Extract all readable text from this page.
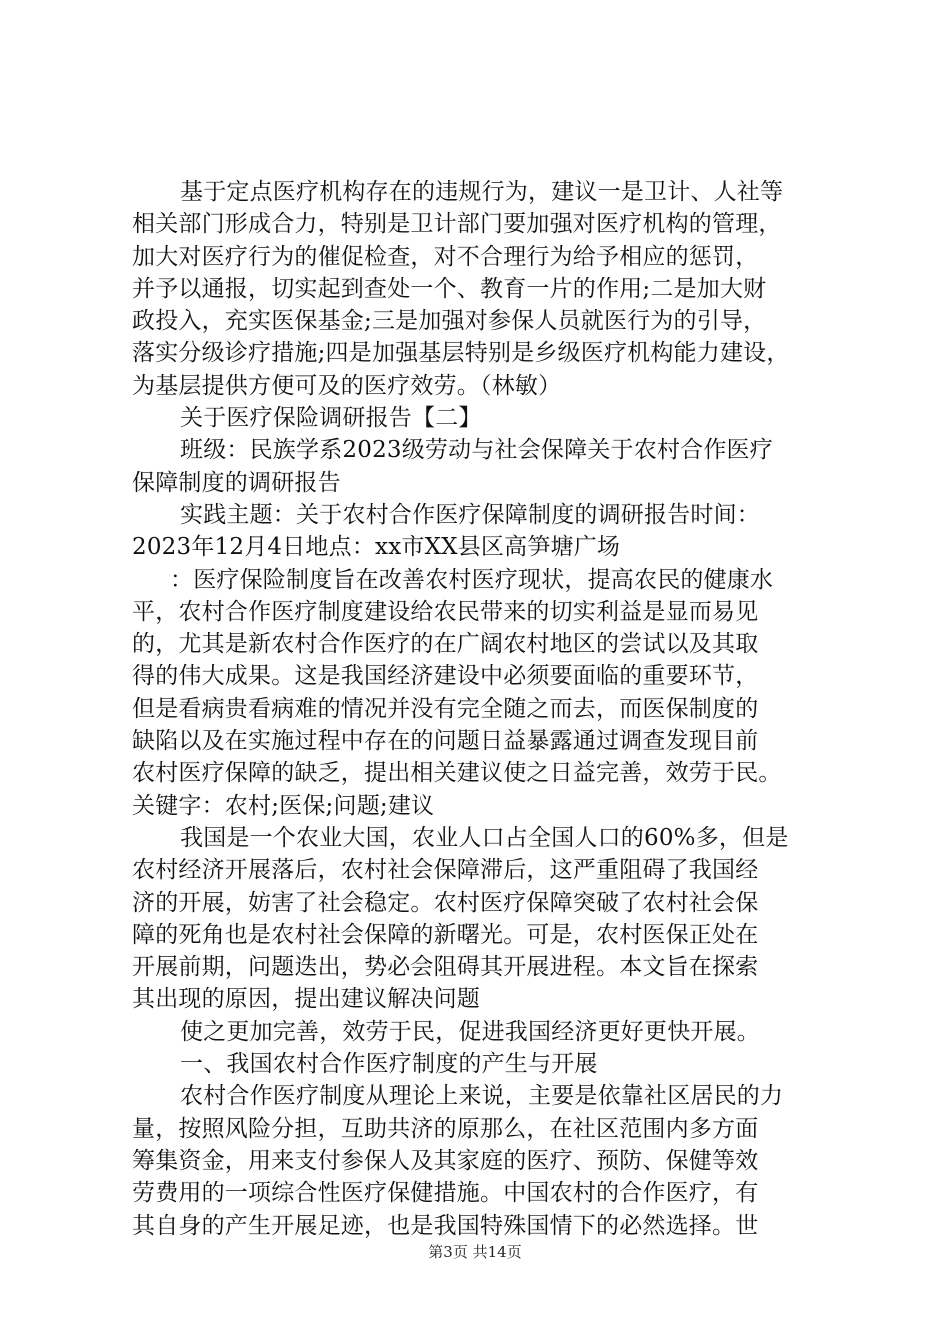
基于定点医疗机构存在的违规行为，建议一是卫计、人社等
相关部门形成合力，特别是卫计部门要加强对医疗机构的管理，
加大对医疗行为的催促检查，对不合理行为给予相应的惩罚，
并予以通报，切实起到查处一个、教育一片的作用;二是加大财
政投入，充实医保基金;三是加强对参保人员就医行为的引导，
落实分级诊疗措施;四是加强基层特别是乡级医疗机构能力建设，
为基层提供方便可及的医疗效劳。（林敏）
关于医疗保险调研报告【二】
班级：民族学系2023级劳动与社会保障关于农村合作医疗
保障制度的调研报告
实践主题：关于农村合作医疗保障制度的调研报告时间：
2023年12月4日地点：xx市XX县区高笋塘广场
：医疗保险制度旨在改善农村医疗现状，提高农民的健康水
平，农村合作医疗制度建设给农民带来的切实利益是显而易见
的，尤其是新农村合作医疗的在广阔农村地区的尝试以及其取
得的伟大成果。这是我国经济建设中必须要面临的重要环节，
但是看病贵看病难的情况并没有完全随之而去，而医保制度的
缺陷以及在实施过程中存在的问题日益暴露通过调查发现目前
农村医疗保障的缺乏，提出相关建议使之日益完善，效劳于民。
关键字：农村;医保;问题;建议
我国是一个农业大国，农业人口占全国人口的60%多，但是
农村经济开展落后，农村社会保障滞后，这严重阻碍了我国经
济的开展，妨害了社会稳定。农村医疗保障突破了农村社会保
障的死角也是农村社会保障的新曙光。可是，农村医保正处在
开展前期，问题迭出，势必会阻碍其开展进程。本文旨在探索
其出现的原因，提出建议解决问题
使之更加完善，效劳于民，促进我国经济更好更快开展。
一、我国农村合作医疗制度的产生与开展
农村合作医疗制度从理论上来说，主要是依靠社区居民的力
量，按照风险分担，互助共济的原那么，在社区范围内多方面
筹集资金，用来支付参保人及其家庭的医疗、预防、保健等效
劳费用的一项综合性医疗保健措施。中国农村的合作医疗，有
其自身的产生开展足迹，也是我国特殊国情下的必然选择。世
第3页 共14页
